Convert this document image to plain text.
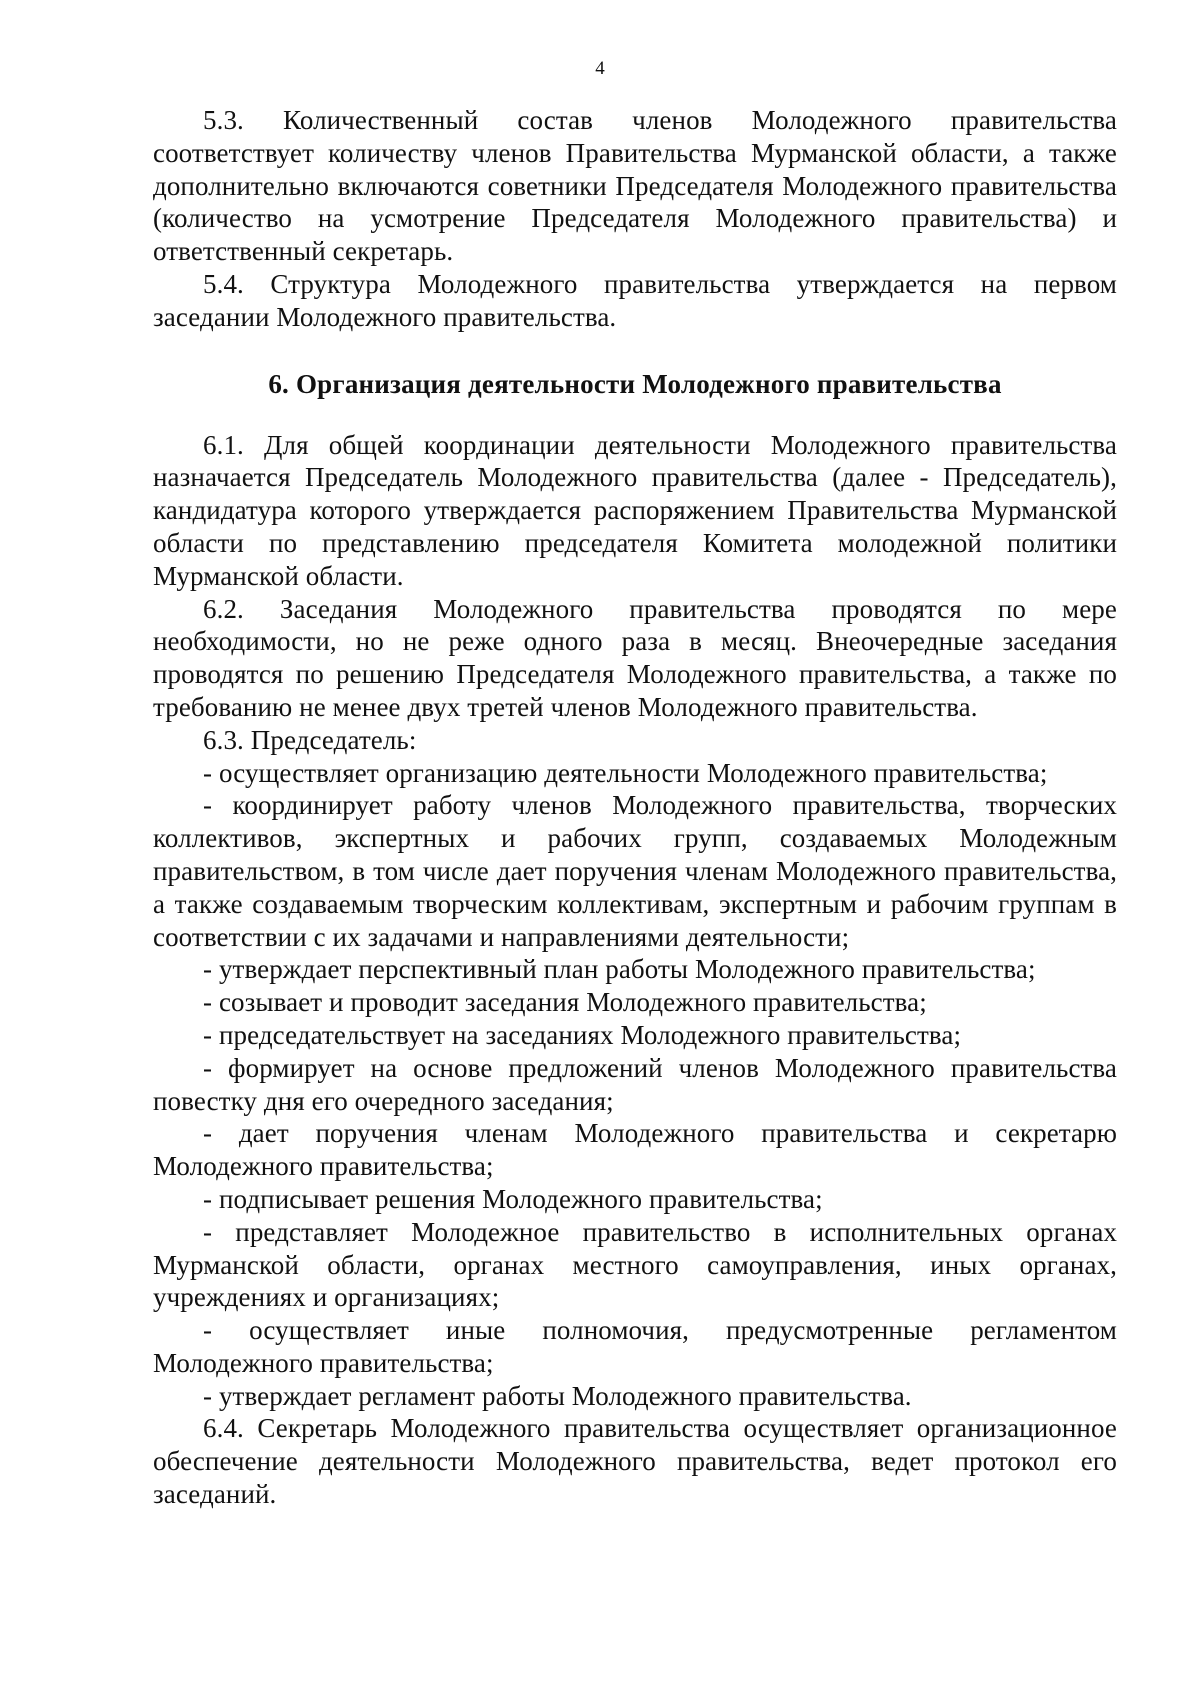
4

5.3. Количественный состав членов Молодежного правительства соответствует количеству членов Правительства Мурманской области, а также дополнительно включаются советники Председателя Молодежного правительства (количество на усмотрение Председателя Молодежного правительства) и ответственный секретарь.

5.4. Структура Молодежного правительства утверждается на первом заседании Молодежного правительства.

6. Организация деятельности Молодежного правительства

6.1. Для общей координации деятельности Молодежного правительства назначается Председатель Молодежного правительства (далее - Председатель), кандидатура которого утверждается распоряжением Правительства Мурманской области по представлению председателя Комитета молодежной политики Мурманской области.

6.2. Заседания Молодежного правительства проводятся по мере необходимости, но не реже одного раза в месяц. Внеочередные заседания проводятся по решению Председателя Молодежного правительства, а также по требованию не менее двух третей членов Молодежного правительства.

6.3. Председатель:

- осуществляет организацию деятельности Молодежного правительства;

- координирует работу членов Молодежного правительства, творческих коллективов, экспертных и рабочих групп, создаваемых Молодежным правительством, в том числе дает поручения членам Молодежного правительства, а также создаваемым творческим коллективам, экспертным и рабочим группам в соответствии с их задачами и направлениями деятельности;

- утверждает перспективный план работы Молодежного правительства;

- созывает и проводит заседания Молодежного правительства;

- председательствует на заседаниях Молодежного правительства;

- формирует на основе предложений членов Молодежного правительства повестку дня его очередного заседания;

- дает поручения членам Молодежного правительства и секретарю Молодежного правительства;

- подписывает решения Молодежного правительства;

- представляет Молодежное правительство в исполнительных органах Мурманской области, органах местного самоуправления, иных органах, учреждениях и организациях;

- осуществляет иные полномочия, предусмотренные регламентом Молодежного правительства;

- утверждает регламент работы Молодежного правительства.

6.4. Секретарь Молодежного правительства осуществляет организационное обеспечение деятельности Молодежного правительства, ведет протокол его заседаний.
